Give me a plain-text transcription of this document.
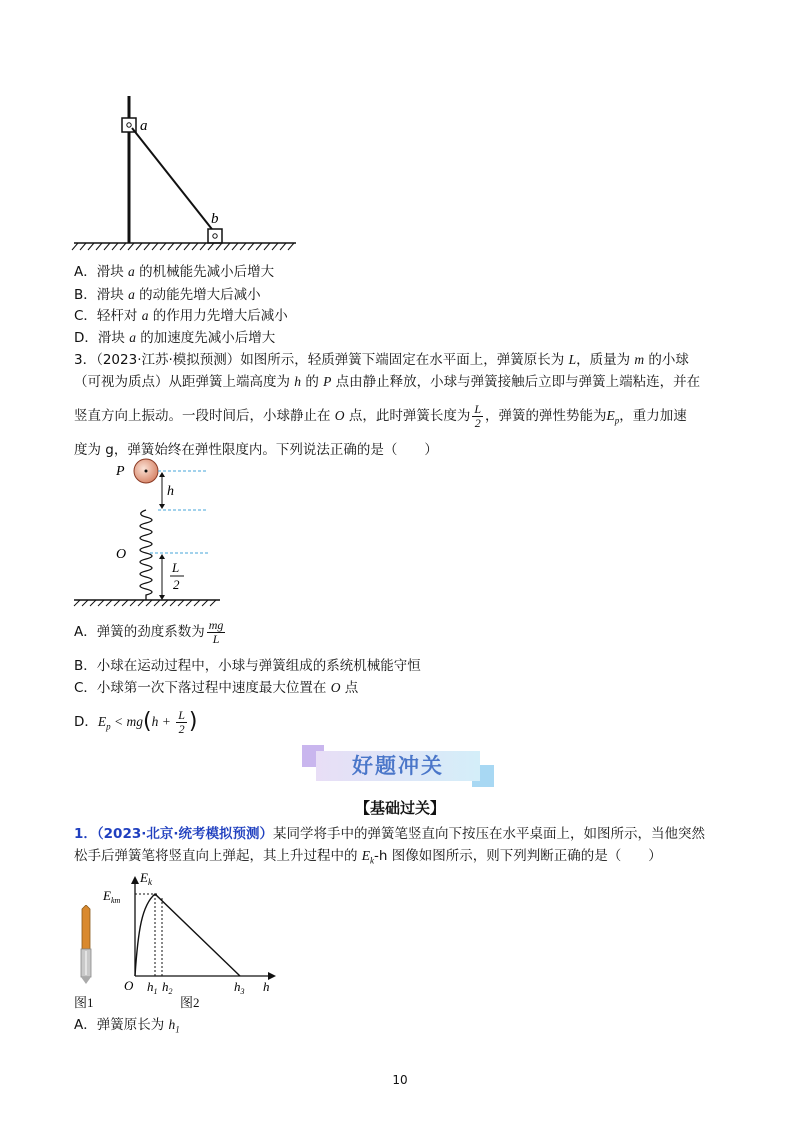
a
b
A．滑块 a 的机械能先减小后增大
B．滑块 a 的动能先增大后减小
C．轻杆对 a 的作用力先增大后减小
D．滑块 a 的加速度先减小后增大
3．（2023·江苏·模拟预测）如图所示，轻质弹簧下端固定在水平面上，弹簧原长为 L，质量为 m 的小球
（可视为质点）从距弹簧上端高度为 h 的 P 点由静止释放，小球与弹簧接触后立即与弹簧上端粘连，并在
竖直方向上振动。一段时间后，小球静止在 O 点，此时弹簧长度为 $\frac{L}{2}$ ，弹簧的弹性势能为$E_p$，重力加速
度为 g，弹簧始终在弹性限度内。下列说法正确的是（　　）
P
h
O
L
2
A．弹簧的劲度系数为 $\frac{mg}{L}$
B．小球在运动过程中，小球与弹簧组成的系统机械能守恒
C．小球第一次下落过程中速度最大位置在 O 点
D．$E_p < mg(h + \frac{L}{2}$ )
好题冲关
【基础过关】
1．（2023·北京·统考模拟预测）某同学将手中的弹簧笔竖直向下按压在水平桌面上，如图所示，当他突然
松手后弹簧笔将竖直向上弹起，其上升过程中的 $E_k-h$ 图像如图所示，则下列判断正确的是（　　）
$E_k$
$E_{km}$
O $h_1$ $h_2$	$h_3$ h
图1	图2
A．弹簧原长为 $h_1$
10
